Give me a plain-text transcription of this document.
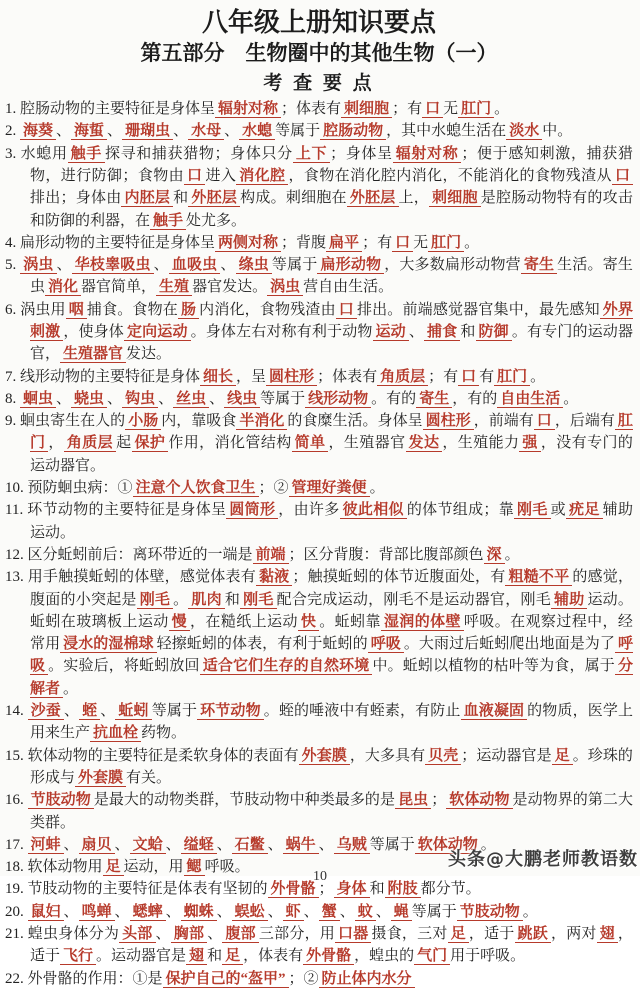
八年级上册知识要点
第五部分　生物圈中的其他生物（一）
考 查 要 点
1. 腔肠动物的主要特征是身体呈 辐射对称 ；体表有 刺细胞 ；有 口 无 肛门 。
2. 海葵 、 海蜇 、 珊瑚虫 、 水母 、 水螅 等属于 腔肠动物 ，其中水螅生活在 淡水 中。
3. 水螅用 触手 探寻和捕获猎物；身体只分 上下 ；身体呈 辐射对称 ；便于感知刺激，捕获猎物，进行防御；食物由 口 进入 消化腔 ，食物在消化腔内消化，不能消化的食物残渣从 口排出；身体由 内胚层 和 外胚层 构成。刺细胞在 外胚层 上， 刺细胞 是腔肠动物特有的攻击和防御的利器，在 触手 处尤多。
4. 扁形动物的主要特征是身体呈 两侧对称 ；背腹 扁平 ；有 口 无 肛门 。
5. 涡虫 、 华枝睾吸虫 、 血吸虫 、 绦虫 等属于 扁形动物 ，大多数扁形动物营 寄生 生活。寄生虫 消化 器官简单， 生殖 器官发达。 涡虫 营自由生活。
6. 涡虫用 咽 捕食。食物在 肠 内消化，食物残渣由 口 排出。前端感觉器官集中，最先感知 外界刺激 ，使身体 定向运动 。身体左右对称有利于动物 运动 、 捕食 和 防御 。有专门的运动器官， 生殖器官 发达。
7. 线形动物的主要特征是身体 细长 ，呈 圆柱形 ；体表有 角质层 ；有 口 有 肛门 。
8. 蛔虫 、 蛲虫 、 钩虫 、 丝虫 、 线虫 等属于 线形动物 。有的 寄生 ，有的 自由生活 。
9. 蛔虫寄生在人的 小肠 内，靠吸食 半消化 的食糜生活。身体呈 圆柱形 ，前端有 口 ，后端有 肛门 ， 角质层 起 保护 作用，消化管结构 简单 ，生殖器官 发达 ，生殖能力 强 ，没有专门的运动器官。
10. 预防蛔虫病：① 注意个人饮食卫生 ；② 管理好粪便 。
11. 环节动物的主要特征是身体呈 圆筒形 ，由许多 彼此相似 的体节组成；靠 刚毛 或 疣足 辅助运动。
12. 区分蚯蚓前后：离环带近的一端是 前端 ；区分背腹：背部比腹部颜色 深 。
13. 用手触摸蚯蚓的体壁，感觉体表有 黏液 ；触摸蚯蚓的体节近腹面处，有 粗糙不平 的感觉，腹面的小突起是 刚毛 。 肌肉 和 刚毛 配合完成运动，刚毛不是运动器官，刚毛 辅助 运动。蚯蚓在玻璃板上运动 慢 ，在糙纸上运动 快 。蚯蚓靠 湿润的体壁 呼吸。在观察过程中，经常用 浸水的湿棉球 轻擦蚯蚓的体表，有利于蚯蚓的 呼吸 。大雨过后蚯蚓爬出地面是为了 呼吸 。实验后，将蚯蚓放回 适合它们生存的自然环境 中。蚯蚓以植物的枯叶等为食，属于 分解者 。
14. 沙蚕 、 蛭 、 蚯蚓 等属于 环节动物 。蛭的唾液中有蛭素，有防止 血液凝固 的物质，医学上用来生产 抗血栓 药物。
15. 软体动物的主要特征是柔软身体的表面有 外套膜 ，大多具有 贝壳 ；运动器官是 足 。珍珠的形成与 外套膜 有关。
16. 节肢动物 是最大的动物类群，节肢动物中种类最多的是 昆虫 ； 软体动物 是动物界的第二大类群。
17. 河蚌 、 扇贝 、 文蛤 、 缢蛏 、 石鳖 、 蜗牛 、 乌贼 等属于 软体动物 。
18. 软体动物用 足 运动，用 鳃 呼吸。
19. 节肢动物的主要特征是体表有坚韧的 外骨骼 ； 身体 和 附肢 都分节。
20. 鼠妇 、 鸣蝉 、 蟋蟀 、 蜘蛛 、 蜈蚣 、 虾 、 蟹 、 蚊 、 蝇 等属于 节肢动物 。
21. 蝗虫身体分为 头部 、 胸部 、 腹部 三部分，用 口器 摄食，三对 足 ，适于 跳跃 ，两对 翅 ，适于 飞行 。运动器官是 翅 和 足 ，体表有 外骨骼 ，蝗虫的 气门 用于呼吸。
22. 外骨骼的作用：①是 保护自己的“盔甲” ；② 防止体内水分
头条@大鹏老师教语数
10
